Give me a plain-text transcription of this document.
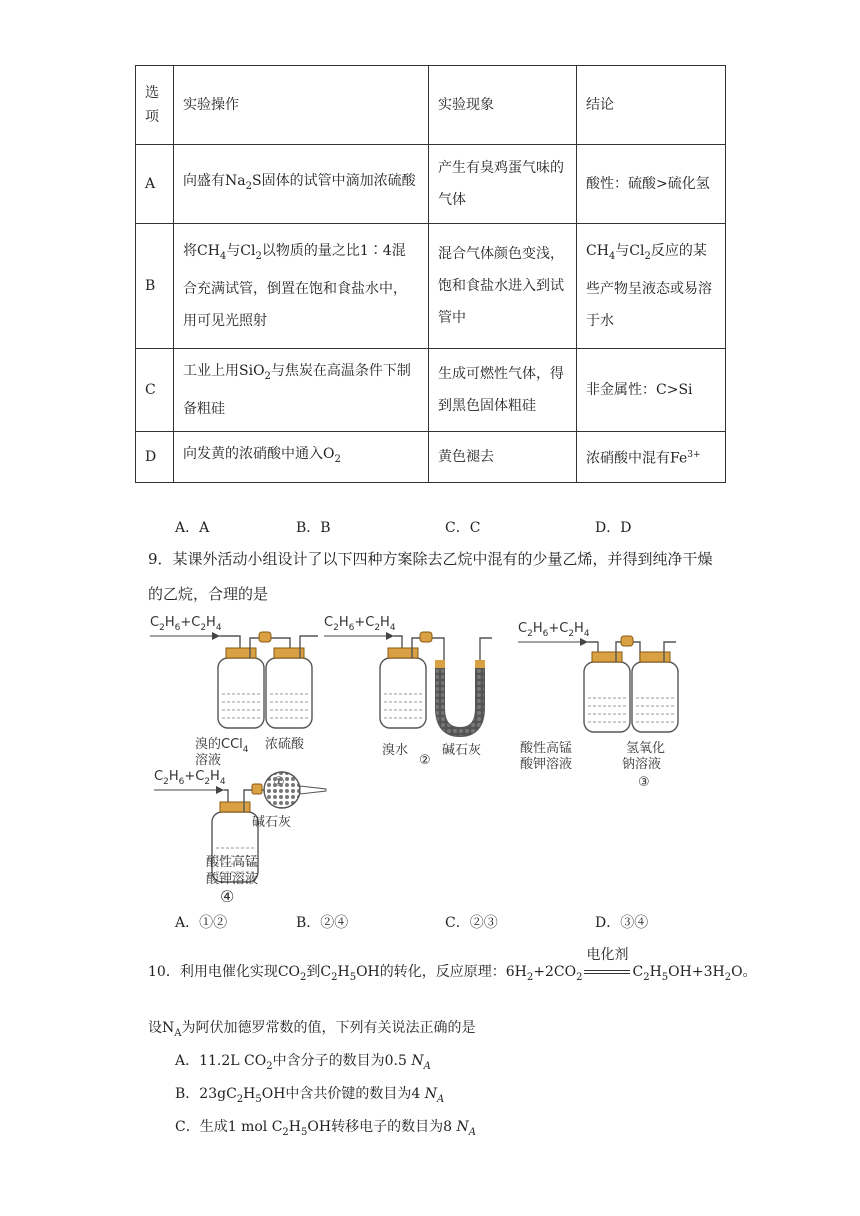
选
项	实验操作	实验现象	结论
A	向盛有$Na_2S$固体的试管中滴加浓硫酸	产生有臭鸡蛋气味的气体	酸性：硫酸>硫化氢
B	将$CH_4$与$Cl_2$以物质的量之比1∶4混合充满试管，倒置在饱和食盐水中，用可见光照射	混合气体颜色变浅，饱和食盐水进入到试管中	$CH_4$与$Cl_2$反应的某些产物呈液态或易溶于水
C	工业上用SiO$_2$与焦炭在高温条件下制备粗硅	生成可燃性气体，得到黑色固体粗硅	非金属性：C>Si
D	向发黄的浓硝酸中通入$O_2$	黄色褪去	浓硝酸中混有$Fe^{3+}$
A．A	B．B	C．C	D．D
9．某课外活动小组设计了以下四种方案除去乙烷中混有的少量乙烯，并得到纯净干燥
的乙烷，合理的是
$C_2H_6+C_2H_4$
溴的CCl$_4$
溶液
浓硫酸
$C_2H_6+C_2H_4$
溴水	碱石灰
②
$C_2H_6+C_2H_4$
酸性高锰
酸钾溶液
氢氧化
钠溶液
③
$C_2H_6+C_2H_4$
碱石灰
酸性高锰
酸钾溶液
④
A．①②	B．②④	C．②③	D．③④
10．利用电催化实现$CO_2$到$C_2H_5OH$的转化，反应原理：$6H_2+2CO_2$
电化剂
$C_2H_5OH+3H_2O$。
设$N_A$为阿伏加德罗常数的值，下列有关说法正确的是
A．11.2L $CO_2$中含分子的数目为0.5 $N_A$
B．$23gC_2H_5OH$中含共价键的数目为4 $N_A$
C．生成1 mol $C_2H_5OH$转移电子的数目为8 $N_A$
